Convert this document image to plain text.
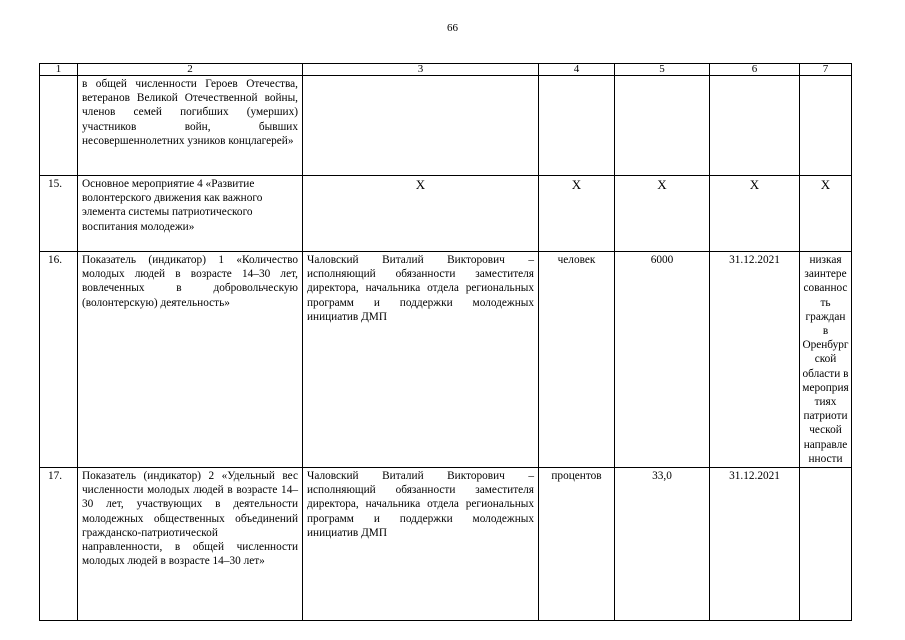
66
1	2	3	4	5	6	7
	в общей численности Героев Отечества, ветеранов Великой Отечественной войны, членов семей погибших (умерших) участников войн, бывших несовершеннолетних узников концлагерей»					
15.	Основное мероприятие 4 «Развитие волонтерского движения как важного элемента системы патриотического воспитания молодежи»	Х	Х	Х	Х	Х
16.	Показатель (индикатор) 1 «Количество молодых людей в возрасте 14–30 лет, вовлеченных в добровольческую (волонтерскую) деятельность»	Чаловский Виталий Викторович – исполняющий обязанности заместителя директора, начальника отдела региональных программ и поддержки молодежных инициатив ДМП	человек	6000	31.12.2021	низкая заинтересованность граждан в Оренбургской области в мероприятиях патриотической направленности
17.	Показатель (индикатор) 2 «Удельный вес численности молодых людей в возрасте 14–30 лет, участвующих в деятельности молодежных общественных объединений гражданско-патриотической направленности, в общей численности молодых людей в возрасте 14–30 лет»	Чаловский Виталий Викторович – исполняющий обязанности заместителя директора, начальника отдела региональных программ и поддержки молодежных инициатив ДМП	процентов	33,0	31.12.2021	
